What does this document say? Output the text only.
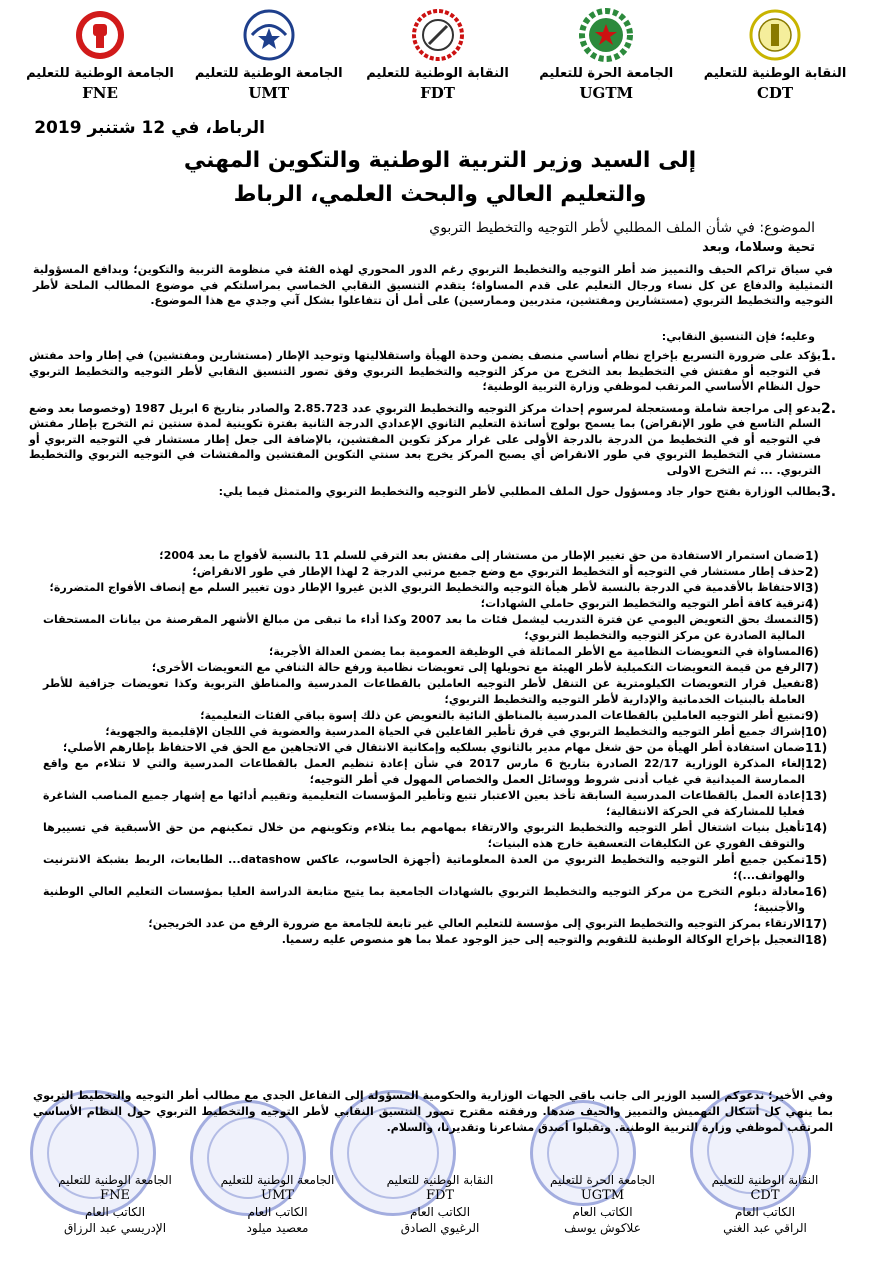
النقابة الوطنية للتعليم
CDT
الجامعة الحرة للتعليم
UGTM
النقابة الوطنية للتعليم
FDT
الجامعة الوطنية للتعليم
UMT
الجامعة الوطنية للتعليم
FNE
الرباط، في 12 شتنبر 2019
إلى السيد وزير التربية الوطنية والتكوين المهني
والتعليم العالي والبحث العلمي، الرباط
الموضوع: في شأن الملف المطلبي لأطر التوجيه والتخطيط التربوي
تحية وسلاما، وبعد
في سياق تراكم الحيف والتمييز ضد أطر التوجيه والتخطيط التربوي رغم الدور المحوري لهذه الفئة في منظومة التربية والتكوين؛ وبدافع المسؤولية التمثيلية والدفاع عن كل نساء ورجال التعليم على قدم المساواة؛ يتقدم التنسيق النقابي الخماسي بمراسلتكم في موضوع المطالب الملحة لأطر التوجيه والتخطيط التربوي (مستشارين ومفتشين، متدربين وممارسين) على أمل أن تتفاعلوا بشكل آني وجدي مع هذا الموضوع.
وعليه؛ فإن التنسيق النقابي:
1.
يؤكد على ضرورة التسريع بإخراج نظام أساسي منصف يضمن وحدة الهيأة واستقلاليتها وتوحيد الإطار (مستشارين ومفتشين) في إطار واحد مفتش في التوجيه أو مفتش في التخطيط بعد التخرج من مركز التوجيه والتخطيط التربوي وفق تصور التنسيق النقابي لأطر التوجيه والتخطيط التربوي حول النظام الأساسي المرتقب لموظفي وزارة التربية الوطنية؛
2.
يدعو إلى مراجعة شاملة ومستعجلة لمرسوم إحداث مركز التوجيه والتخطيط التربوي عدد 2.85.723 والصادر بتاريخ 6 ابريل 1987 (وخصوصا بعد وضع السلم التاسع في طور الإنقراض) بما يسمح بولوج أساتذة التعليم الثانوي الإعدادي الدرجة الثانية بفترة تكوينية لمدة سنتين ثم التخرج بإطار مفتش في التوجيه أو في التخطيط من الدرجة بالدرجة الأولى على غرار مركز تكوين المفتشين، بالإضافة الى جعل إطار مستشار في التوجيه التربوي أو مستشار في التخطيط التربوي في طور الانقراض أي يصبح المركز يخرج بعد سنتي التكوين المفتشين والمفتشات في التوجيه التربوي والتخطيط التربوي. ... ثم التخرج الاولى
3.
يطالب الوزارة بفتح حوار جاد ومسؤول حول الملف المطلبي لأطر التوجيه والتخطيط التربوي والمتمثل فيما يلي:
1)
ضمان استمرار الاستفادة من حق تغيير الإطار من مستشار إلى مفتش بعد الترقي للسلم 11 بالنسبة لأفواج ما بعد 2004؛
2)
حذف إطار مستشار في التوجيه أو التخطيط التربوي مع وضع جميع مرتبي الدرجة 2 لهذا الإطار في طور الانقراض؛
3)
الاحتفاظ بالأقدمية في الدرجة بالنسبة لأطر هيأة التوجيه والتخطيط التربوي الذين غيروا الإطار دون تغيير السلم مع إنصاف الأفواج المتضررة؛
4)
ترقية كافة أطر التوجيه والتخطيط التربوي حاملي الشهادات؛
5)
التمسك بحق التعويض اليومي عن فترة التدريب ليشمل فئات ما بعد 2007 وكذا أداء ما تبقى من مبالغ الأشهر المقرصنة من بيانات المستحقات المالية الصادرة عن مركز التوجيه والتخطيط التربوي؛
6)
المساواة في التعويضات النظامية مع الأطر المماثلة في الوظيفة العمومية بما يضمن العدالة الأجرية؛
7)
الرفع من قيمة التعويضات التكميلية لأطر الهيئة مع تحويلها إلى تعويضات نظامية ورفع حالة التنافي مع التعويضات الأخرى؛
8)
تفعيل قرار التعويضات الكيلومترية عن التنقل لأطر التوجيه العاملين بالقطاعات المدرسية والمناطق التربوية وكذا تعويضات جزافية للأطر العاملة بالبنيات الخدماتية والإدارية لأطر التوجيه والتخطيط التربوي؛
9)
تمتيع أطر التوجيه العاملين بالقطاعات المدرسية بالمناطق النائية بالتعويض عن ذلك إسوة بباقي الفئات التعليمية؛
10)
إشراك جميع أطر التوجيه والتخطيط التربوي في فرق تأطير الفاعلين في الحياة المدرسية والعضوية في اللجان الإقليمية والجهوية؛
11)
ضمان استفادة أطر الهيأة من حق شغل مهام مدير بالثانوي بسلكيه وإمكانية الانتقال في الاتجاهين مع الحق في الاحتفاظ بإطارهم الأصلي؛
12)
إلغاء المذكرة الوزارية 22/17 الصادرة بتاريخ 6 مارس 2017 في شأن إعادة تنظيم العمل بالقطاعات المدرسية والتي لا تتلاءم مع واقع الممارسة الميدانية في غياب أدنى شروط ووسائل العمل والخصاص المهول في أطر التوجيه؛
13)
إعادة العمل بالقطاعات المدرسية السابقة تأخذ بعين الاعتبار تتبع وتأطير المؤسسات التعليمية وتقييم أدائها مع إشهار جميع المناصب الشاغرة فعليا للمشاركة في الحركة الانتقالية؛
14)
تأهيل بنيات اشتغال أطر التوجيه والتخطيط التربوي والارتقاء بمهامهم بما يتلاءم وتكوينهم من خلال تمكينهم من حق الأسبقية في تسييرها والتوقف الفوري عن التكليفات التعسفية خارج هذه البنيات؛
15)
تمكين جميع أطر التوجيه والتخطيط التربوي من العدة المعلوماتية (أجهزة الحاسوب، عاكس datashow... الطابعات، الربط بشبكة الانترنيت والهواتف...)؛
16)
معادلة دبلوم التخرج من مركز التوجيه والتخطيط التربوي بالشهادات الجامعية بما يتيح متابعة الدراسة العليا بمؤسسات التعليم العالي الوطنية والأجنبية؛
17)
الارتقاء بمركز التوجيه والتخطيط التربوي إلى مؤسسة للتعليم العالي غير تابعة للجامعة مع ضرورة الرفع من عدد الخريجين؛
18)
التعجيل بإخراج الوكالة الوطنية للتقويم والتوجيه إلى حيز الوجود عملا بما هو منصوص عليه رسميا.
وفي الأخير؛ ندعوكم السيد الوزير الى جانب باقي الجهات الوزارية والحكومية المسؤولة إلى التفاعل الجدي مع مطالب أطر التوجيه والتخطيط التربوي بما ينهي كل أشكال التهميش والتمييز والحيف ضدها. ورفقته مقترح تصور التنسيق النقابي لأطر التوجيه والتخطيط التربوي حول النظام الأساسي المرتقب لموظفي وزارة التربية الوطنية. وتقبلوا أصدق مشاعرنا وتقديرنا، والسلام.
النقابة الوطنية للتعليم
CDT
الكاتب العام
الراقي عبد الغني
الجامعة الحرة للتعليم
UGTM
الكاتب العام
علاكوش يوسف
النقابة الوطنية للتعليم
FDT
الكاتب العام
الرغيوي الصادق
الجامعة الوطنية للتعليم
UMT
الكاتب العام
معصيد ميلود
الجامعة الوطنية للتعليم
FNE
الكاتب العام
الإدريسي عبد الرزاق
